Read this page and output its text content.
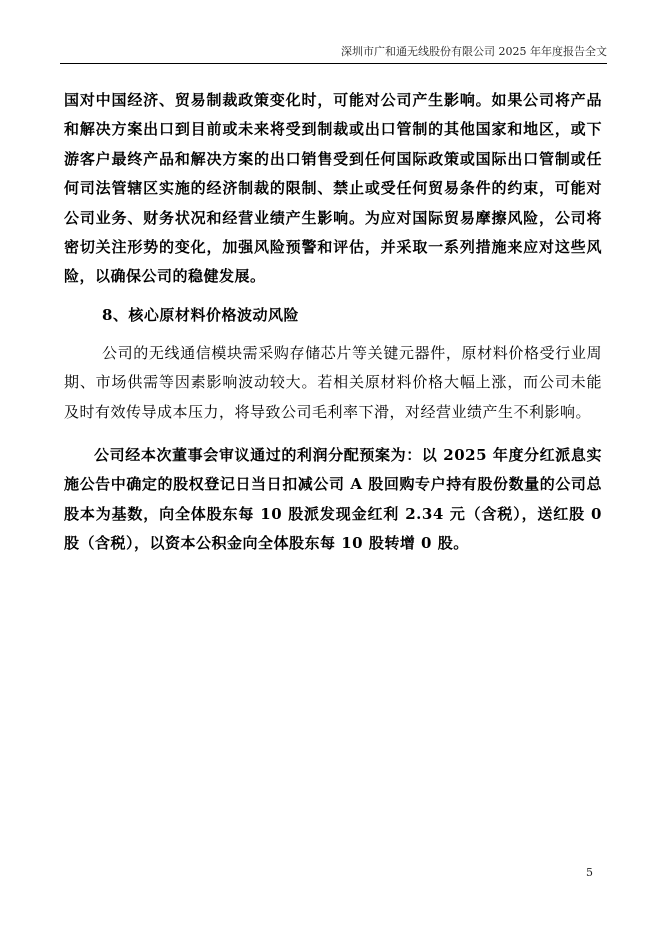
深圳市广和通无线股份有限公司 2025 年年度报告全文

国对中国经济、贸易制裁政策变化时，可能对公司产生影响。如果公司将产品和解决方案出口到目前或未来将受到制裁或出口管制的其他国家和地区，或下游客户最终产品和解决方案的出口销售受到任何国际政策或国际出口管制或任何司法管辖区实施的经济制裁的限制、禁止或受任何贸易条件的约束，可能对公司业务、财务状况和经营业绩产生影响。为应对国际贸易摩擦风险，公司将密切关注形势的变化，加强风险预警和评估，并采取一系列措施来应对这些风险，以确保公司的稳健发展。

8、核心原材料价格波动风险

公司的无线通信模块需采购存储芯片等关键元器件，原材料价格受行业周期、市场供需等因素影响波动较大。若相关原材料价格大幅上涨，而公司未能及时有效传导成本压力，将导致公司毛利率下滑，对经营业绩产生不利影响。

公司经本次董事会审议通过的利润分配预案为：以 2025 年度分红派息实施公告中确定的股权登记日当日扣减公司 A 股回购专户持有股份数量的公司总股本为基数，向全体股东每 10 股派发现金红利 2.34 元（含税），送红股 0 股（含税），以资本公积金向全体股东每 10 股转增 0 股。

5
